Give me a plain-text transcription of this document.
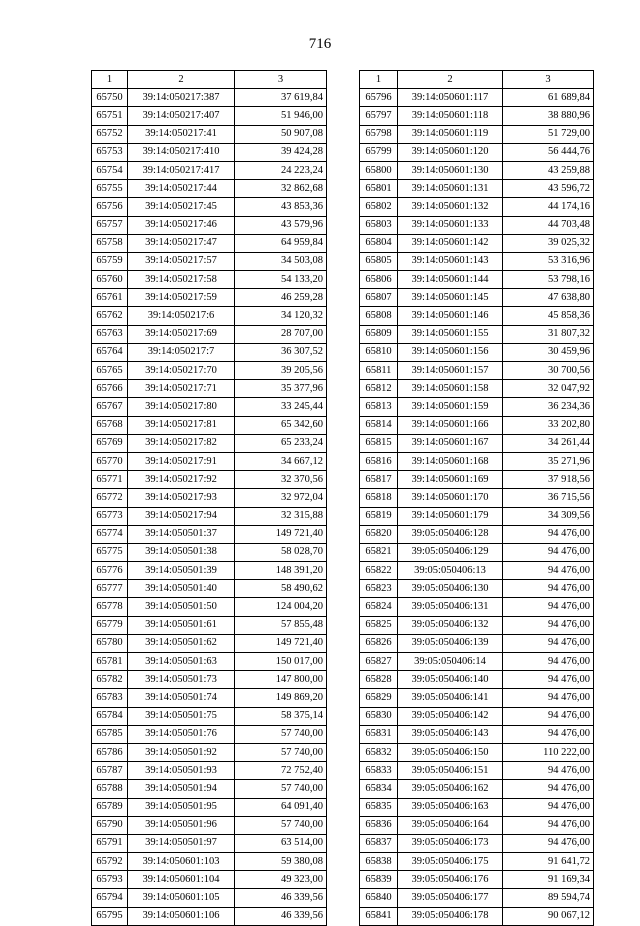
716
1	2	3
65750	39:14:050217:387	37 619,84
65751	39:14:050217:407	51 946,00
65752	39:14:050217:41	50 907,08
65753	39:14:050217:410	39 424,28
65754	39:14:050217:417	24 223,24
65755	39:14:050217:44	32 862,68
65756	39:14:050217:45	43 853,36
65757	39:14:050217:46	43 579,96
65758	39:14:050217:47	64 959,84
65759	39:14:050217:57	34 503,08
65760	39:14:050217:58	54 133,20
65761	39:14:050217:59	46 259,28
65762	39:14:050217:6	34 120,32
65763	39:14:050217:69	28 707,00
65764	39:14:050217:7	36 307,52
65765	39:14:050217:70	39 205,56
65766	39:14:050217:71	35 377,96
65767	39:14:050217:80	33 245,44
65768	39:14:050217:81	65 342,60
65769	39:14:050217:82	65 233,24
65770	39:14:050217:91	34 667,12
65771	39:14:050217:92	32 370,56
65772	39:14:050217:93	32 972,04
65773	39:14:050217:94	32 315,88
65774	39:14:050501:37	149 721,40
65775	39:14:050501:38	58 028,70
65776	39:14:050501:39	148 391,20
65777	39:14:050501:40	58 490,62
65778	39:14:050501:50	124 004,20
65779	39:14:050501:61	57 855,48
65780	39:14:050501:62	149 721,40
65781	39:14:050501:63	150 017,00
65782	39:14:050501:73	147 800,00
65783	39:14:050501:74	149 869,20
65784	39:14:050501:75	58 375,14
65785	39:14:050501:76	57 740,00
65786	39:14:050501:92	57 740,00
65787	39:14:050501:93	72 752,40
65788	39:14:050501:94	57 740,00
65789	39:14:050501:95	64 091,40
65790	39:14:050501:96	57 740,00
65791	39:14:050501:97	63 514,00
65792	39:14:050601:103	59 380,08
65793	39:14:050601:104	49 323,00
65794	39:14:050601:105	46 339,56
65795	39:14:050601:106	46 339,56
1	2	3
65796	39:14:050601:117	61 689,84
65797	39:14:050601:118	38 880,96
65798	39:14:050601:119	51 729,00
65799	39:14:050601:120	56 444,76
65800	39:14:050601:130	43 259,88
65801	39:14:050601:131	43 596,72
65802	39:14:050601:132	44 174,16
65803	39:14:050601:133	44 703,48
65804	39:14:050601:142	39 025,32
65805	39:14:050601:143	53 316,96
65806	39:14:050601:144	53 798,16
65807	39:14:050601:145	47 638,80
65808	39:14:050601:146	45 858,36
65809	39:14:050601:155	31 807,32
65810	39:14:050601:156	30 459,96
65811	39:14:050601:157	30 700,56
65812	39:14:050601:158	32 047,92
65813	39:14:050601:159	36 234,36
65814	39:14:050601:166	33 202,80
65815	39:14:050601:167	34 261,44
65816	39:14:050601:168	35 271,96
65817	39:14:050601:169	37 918,56
65818	39:14:050601:170	36 715,56
65819	39:14:050601:179	34 309,56
65820	39:05:050406:128	94 476,00
65821	39:05:050406:129	94 476,00
65822	39:05:050406:13	94 476,00
65823	39:05:050406:130	94 476,00
65824	39:05:050406:131	94 476,00
65825	39:05:050406:132	94 476,00
65826	39:05:050406:139	94 476,00
65827	39:05:050406:14	94 476,00
65828	39:05:050406:140	94 476,00
65829	39:05:050406:141	94 476,00
65830	39:05:050406:142	94 476,00
65831	39:05:050406:143	94 476,00
65832	39:05:050406:150	110 222,00
65833	39:05:050406:151	94 476,00
65834	39:05:050406:162	94 476,00
65835	39:05:050406:163	94 476,00
65836	39:05:050406:164	94 476,00
65837	39:05:050406:173	94 476,00
65838	39:05:050406:175	91 641,72
65839	39:05:050406:176	91 169,34
65840	39:05:050406:177	89 594,74
65841	39:05:050406:178	90 067,12
